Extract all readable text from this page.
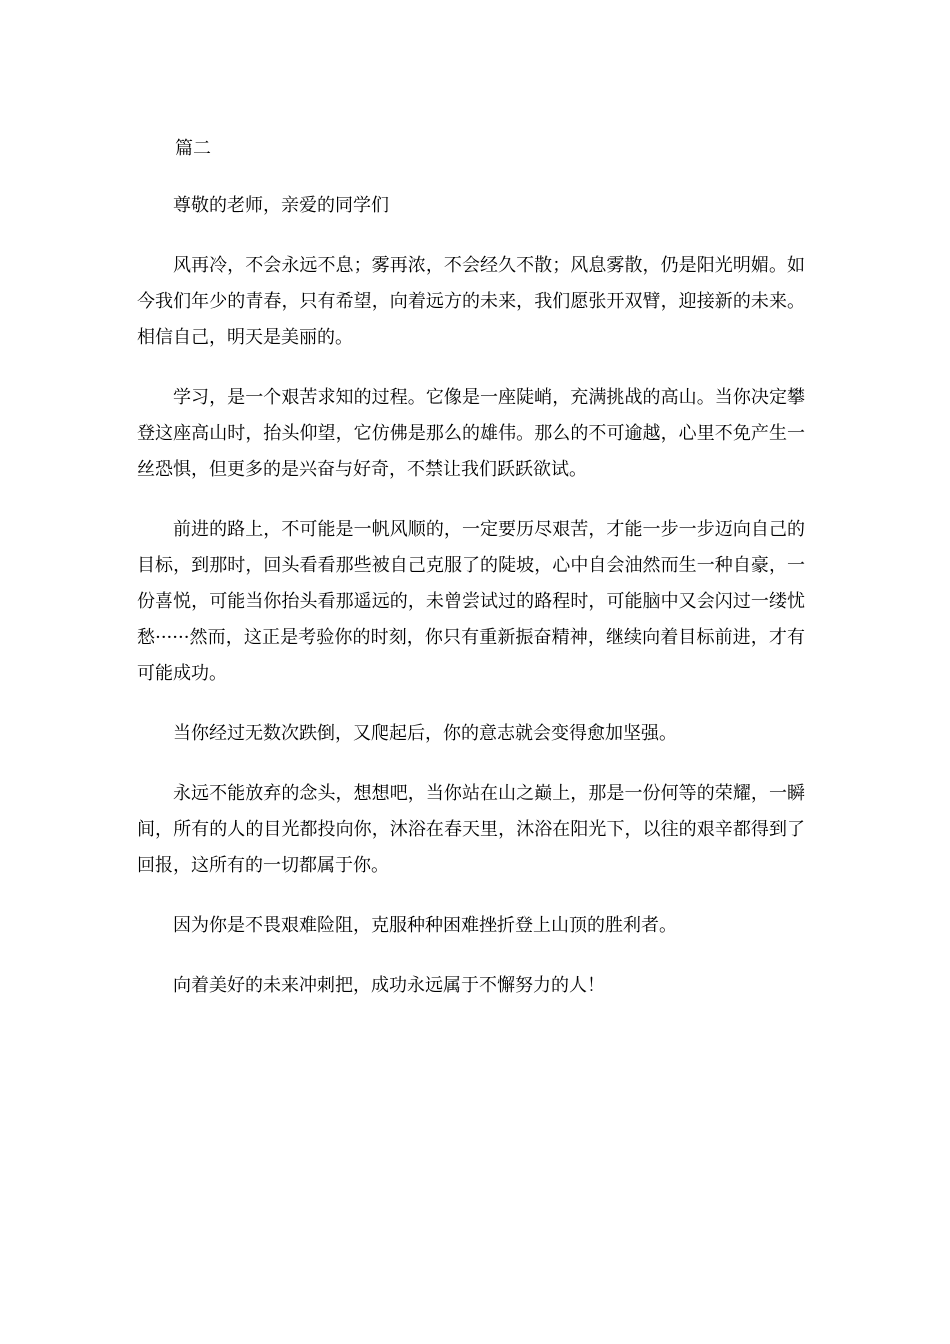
篇二

尊敬的老师，亲爱的同学们

风再冷，不会永远不息；雾再浓，不会经久不散；风息雾散，仍是阳光明媚。如今我们年少的青春，只有希望，向着远方的未来，我们愿张开双臂，迎接新的未来。相信自己，明天是美丽的。

学习，是一个艰苦求知的过程。它像是一座陡峭，充满挑战的高山。当你决定攀登这座高山时，抬头仰望，它仿佛是那么的雄伟。那么的不可逾越，心里不免产生一丝恐惧，但更多的是兴奋与好奇，不禁让我们跃跃欲试。

前进的路上，不可能是一帆风顺的，一定要历尽艰苦，才能一步一步迈向自己的目标，到那时，回头看看那些被自己克服了的陡坡，心中自会油然而生一种自豪，一份喜悦，可能当你抬头看那遥远的，未曾尝试过的路程时，可能脑中又会闪过一缕忧愁······然而，这正是考验你的时刻，你只有重新振奋精神，继续向着目标前进，才有可能成功。

当你经过无数次跌倒，又爬起后，你的意志就会变得愈加坚强。

永远不能放弃的念头，想想吧，当你站在山之巅上，那是一份何等的荣耀，一瞬间，所有的人的目光都投向你，沐浴在春天里，沐浴在阳光下，以往的艰辛都得到了回报，这所有的一切都属于你。

因为你是不畏艰难险阻，克服种种困难挫折登上山顶的胜利者。

向着美好的未来冲刺把，成功永远属于不懈努力的人！
